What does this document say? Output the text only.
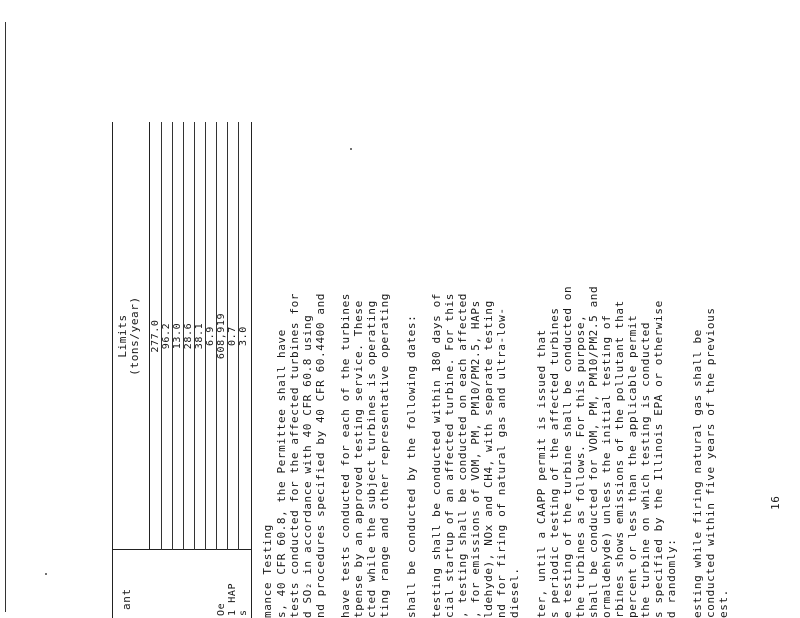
ant
Limits (tons/year) 277.0 96.2 13.0 28.6 38.1 6.9 608,919 0.7 3.0
Oe 1 HAP s mance Testing s, 40 CFR 60.8, the Permittee shall have tests conducted for the affected turbines for d SO₂ in accordance with 40 CFR 60.8 using nd procedures specified by 40 CFR 60.4400 and have tests conducted for each of the turbines tpense by an approved testing service. These cted while the subject turbines is operating ting range and other representative operating shall be conducted by the following dates: testing shall be conducted within 180 days of cial startup of an affected turbine. For this , testing shall be conducted on each affected , for emissions of VOM, PM, PM10/PM2.5, HAPs ldehyde), NOx and CH4, with separate testing nd for firing of natural gas and ultra-low- diesel. ter, until a CAAPP permit is issued that s periodic testing of the affected turbines e testing of the turbine shall be conducted on the turbines as follows. For this purpose, shall be conducted for VOM, PM, PM10/PM2.5 and ormaldehyde) unless the initial testing of rbines shows emissions of the pollutant that percent or less than the applicable permit the turbine on which testing is conducted s specified by the Illinois EPA or otherwise d randomly: esting while firing natural gas shall be conducted within five years of the previous est.
16
